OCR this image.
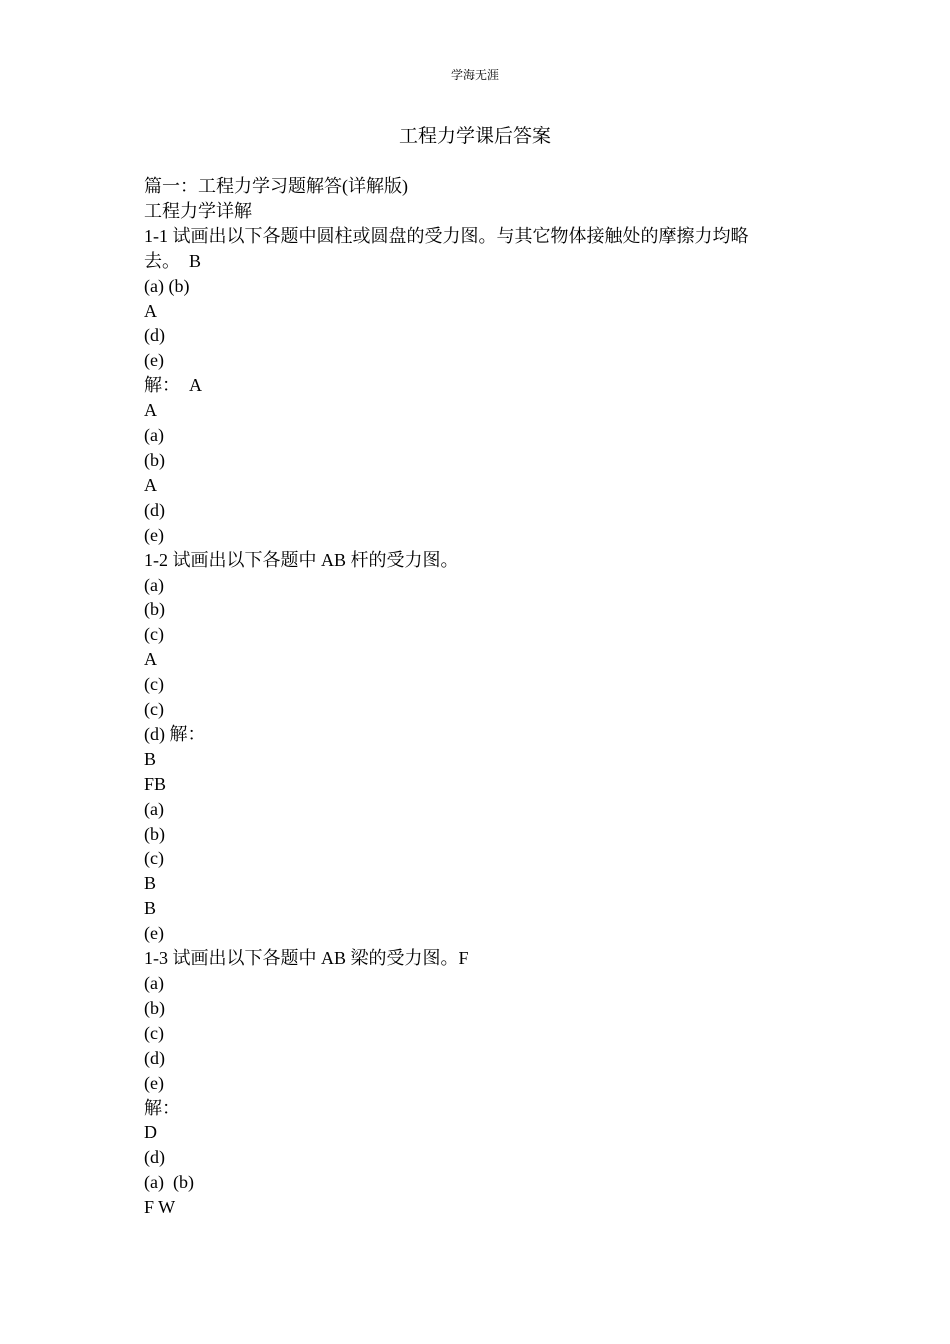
学海无涯
工程力学课后答案

篇一：工程力学习题解答(详解版)

工程力学详解

1-1 试画出以下各题中圆柱或圆盘的受力图。与其它物体接触处的摩擦力均略

去。  B

(a) (b)

A

(d)

(e)

解：  A

A

(a)

(b)

A

(d)

(e)

1-2 试画出以下各题中 AB 杆的受力图。

(a)

(b)

(c)

A

(c)

(c)

(d) 解：

B

FB

(a)

(b)

(c)

B

B

(e)

1-3 试画出以下各题中 AB 梁的受力图。F

(a)

(b)

(c)

(d)

(e)

解：

D

(d)

(a)  (b)

F W
